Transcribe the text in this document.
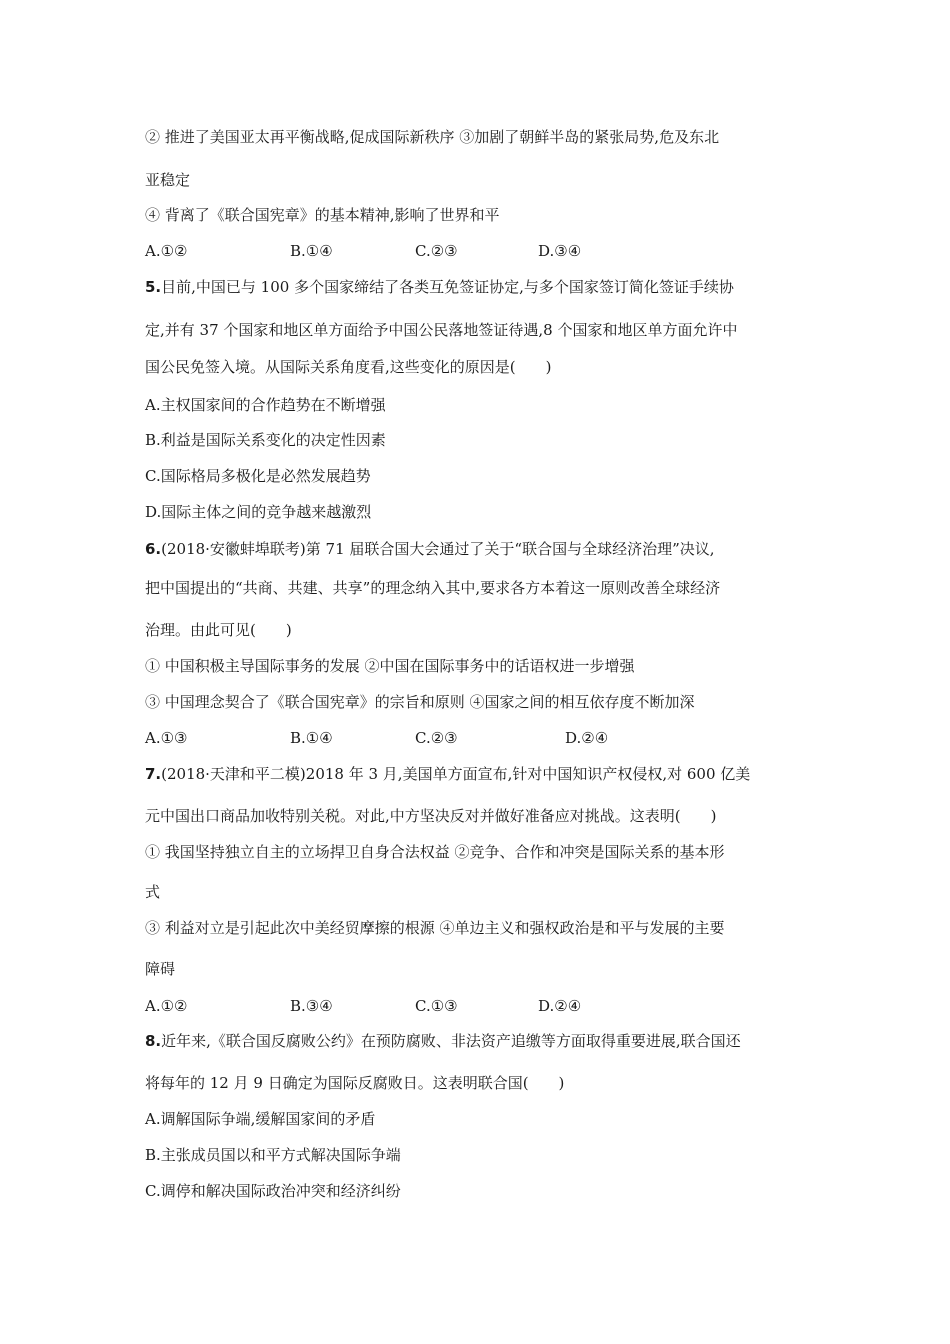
② 推进了美国亚太再平衡战略,促成国际新秩序 ③加剧了朝鲜半岛的紧张局势,危及东北
亚稳定
④ 背离了《联合国宪章》的基本精神,影响了世界和平
A.①②	B.①④	C.②③	D.③④
5.目前,中国已与 100 多个国家缔结了各类互免签证协定,与多个国家签订简化签证手续协
定,并有 37 个国家和地区单方面给予中国公民落地签证待遇,8 个国家和地区单方面允许中
国公民免签入境。从国际关系角度看,这些变化的原因是(　　)
A.主权国家间的合作趋势在不断增强
B.利益是国际关系变化的决定性因素
C.国际格局多极化是必然发展趋势
D.国际主体之间的竞争越来越激烈
6.(2018·安徽蚌埠联考)第 71 届联合国大会通过了关于“联合国与全球经济治理”决议,
把中国提出的“共商、共建、共享”的理念纳入其中,要求各方本着这一原则改善全球经济
治理。由此可见(　　)
① 中国积极主导国际事务的发展 ②中国在国际事务中的话语权进一步增强
③ 中国理念契合了《联合国宪章》的宗旨和原则 ④国家之间的相互依存度不断加深
A.①③	B.①④	C.②③	D.②④
7.(2018·天津和平二模)2018 年 3 月,美国单方面宣布,针对中国知识产权侵权,对 600 亿美
元中国出口商品加收特别关税。对此,中方坚决反对并做好准备应对挑战。这表明(　　)
① 我国坚持独立自主的立场捍卫自身合法权益 ②竞争、合作和冲突是国际关系的基本形
式
③ 利益对立是引起此次中美经贸摩擦的根源 ④单边主义和强权政治是和平与发展的主要
障碍
A.①②	B.③④	C.①③	D.②④
8.近年来,《联合国反腐败公约》在预防腐败、非法资产追缴等方面取得重要进展,联合国还
将每年的 12 月 9 日确定为国际反腐败日。这表明联合国(　　)
A.调解国际争端,缓解国家间的矛盾
B.主张成员国以和平方式解决国际争端
C.调停和解决国际政治冲突和经济纠纷
